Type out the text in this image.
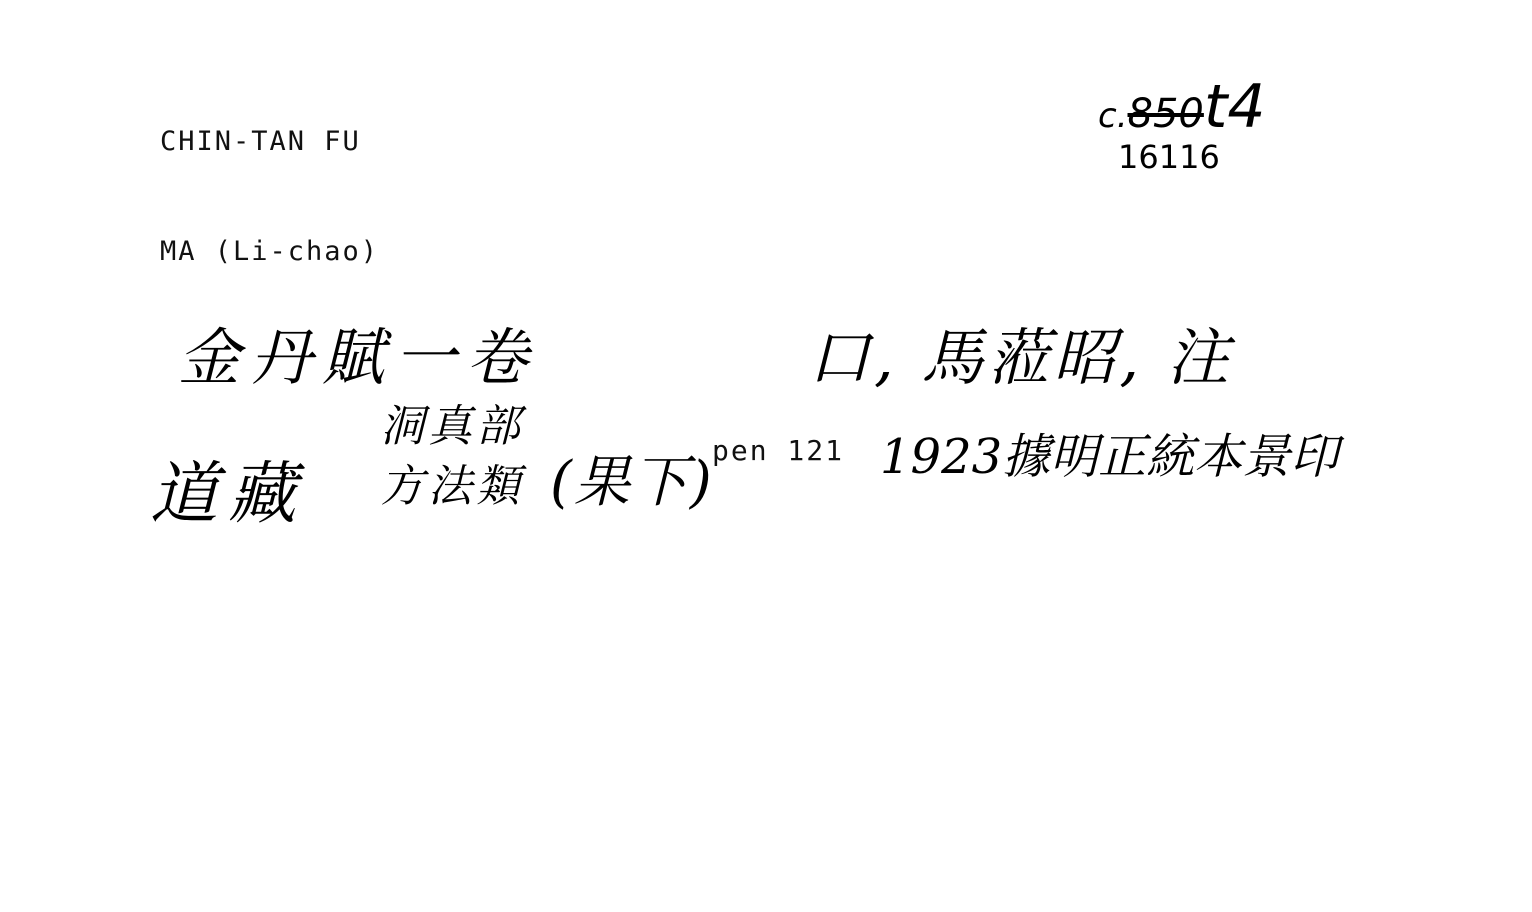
CHIN-TAN FU
MA (Li-chao)
c.850t4
16116
金丹賦一卷	口, 馬蒞昭, 注
道藏
洞真部
方法類 (果下)
pen 121 1923據明正統本景印
